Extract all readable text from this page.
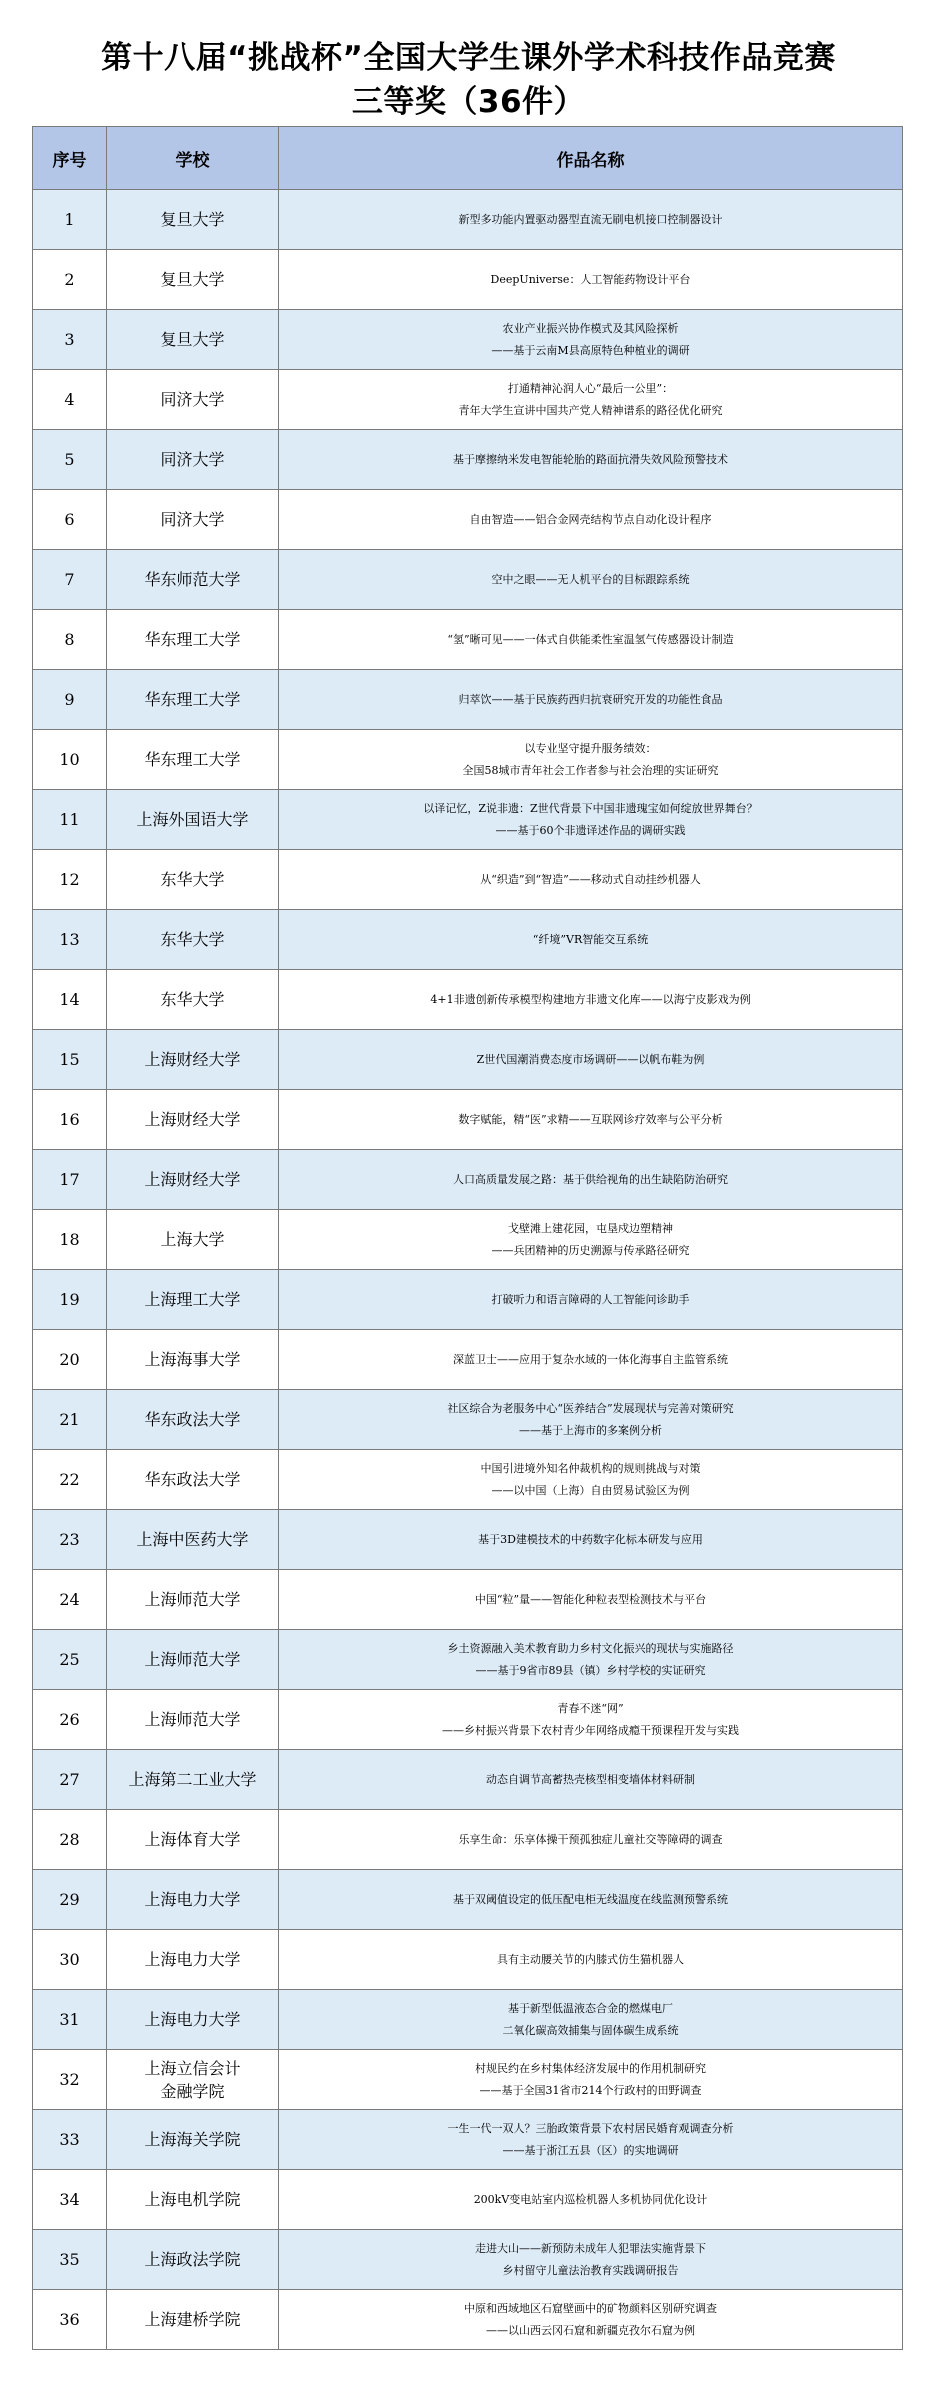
第十八届“挑战杯”全国大学生课外学术科技作品竞赛
三等奖（36件）
序号	学校	作品名称
1	复旦大学	新型多功能内置驱动器型直流无刷电机接口控制器设计

2	复旦大学	DeepUniverse：人工智能药物设计平台

3	复旦大学	农业产业振兴协作模式及其风险探析
——基于云南M县高原特色种植业的调研

4	同济大学	打通精神沁润人心“最后一公里”：
青年大学生宣讲中国共产党人精神谱系的路径优化研究

5	同济大学	基于摩擦纳米发电智能轮胎的路面抗滑失效风险预警技术

6	同济大学	自由智造——铝合金网壳结构节点自动化设计程序

7	华东师范大学	空中之眼——无人机平台的目标跟踪系统

8	华东理工大学	“氢”晰可见——一体式自供能柔性室温氢气传感器设计制造

9	华东理工大学	归萃饮——基于民族药西归抗衰研究开发的功能性食品

10	华东理工大学	以专业坚守提升服务绩效：
全国58城市青年社会工作者参与社会治理的实证研究

11	上海外国语大学	以译记忆，Z说非遗：Z世代背景下中国非遗瑰宝如何绽放世界舞台？
——基于60个非遗译述作品的调研实践

12	东华大学	从“织造”到“智造”——移动式自动挂纱机器人

13	东华大学	“纤境”VR智能交互系统

14	东华大学	4+1非遗创新传承模型构建地方非遗文化库——以海宁皮影戏为例

15	上海财经大学	Z世代国潮消费态度市场调研——以帆布鞋为例

16	上海财经大学	数字赋能，精“医”求精——互联网诊疗效率与公平分析

17	上海财经大学	人口高质量发展之路：基于供给视角的出生缺陷防治研究

18	上海大学	戈壁滩上建花园，屯垦戍边塑精神
——兵团精神的历史溯源与传承路径研究

19	上海理工大学	打破听力和语言障碍的人工智能问诊助手

20	上海海事大学	深蓝卫士——应用于复杂水域的一体化海事自主监管系统

21	华东政法大学	社区综合为老服务中心“医养结合”发展现状与完善对策研究
——基于上海市的多案例分析

22	华东政法大学	中国引进境外知名仲裁机构的规则挑战与对策
——以中国（上海）自由贸易试验区为例

23	上海中医药大学	基于3D建模技术的中药数字化标本研发与应用

24	上海师范大学	中国“粒”量——智能化种粒表型检测技术与平台

25	上海师范大学	乡土资源融入美术教育助力乡村文化振兴的现状与实施路径
——基于9省市89县（镇）乡村学校的实证研究

26	上海师范大学	青春不迷“网”
——乡村振兴背景下农村青少年网络成瘾干预课程开发与实践

27	上海第二工业大学	动态自调节高蓄热壳核型相变墙体材料研制

28	上海体育大学	乐享生命：乐享体操干预孤独症儿童社交等障碍的调查

29	上海电力大学	基于双阈值设定的低压配电柜无线温度在线监测预警系统

30	上海电力大学	具有主动腰关节的内膝式仿生猫机器人

31	上海电力大学	基于新型低温液态合金的燃煤电厂
二氧化碳高效捕集与固体碳生成系统

32	上海立信会计
金融学院	村规民约在乡村集体经济发展中的作用机制研究
——基于全国31省市214个行政村的田野调查

33	上海海关学院	一生一代一双人？三胎政策背景下农村居民婚育观调查分析
——基于浙江五县（区）的实地调研

34	上海电机学院	200kV变电站室内巡检机器人多机协同优化设计

35	上海政法学院	走进大山——新预防未成年人犯罪法实施背景下
乡村留守儿童法治教育实践调研报告

36	上海建桥学院	中原和西域地区石窟壁画中的矿物颜料区别研究调查
——以山西云冈石窟和新疆克孜尔石窟为例
